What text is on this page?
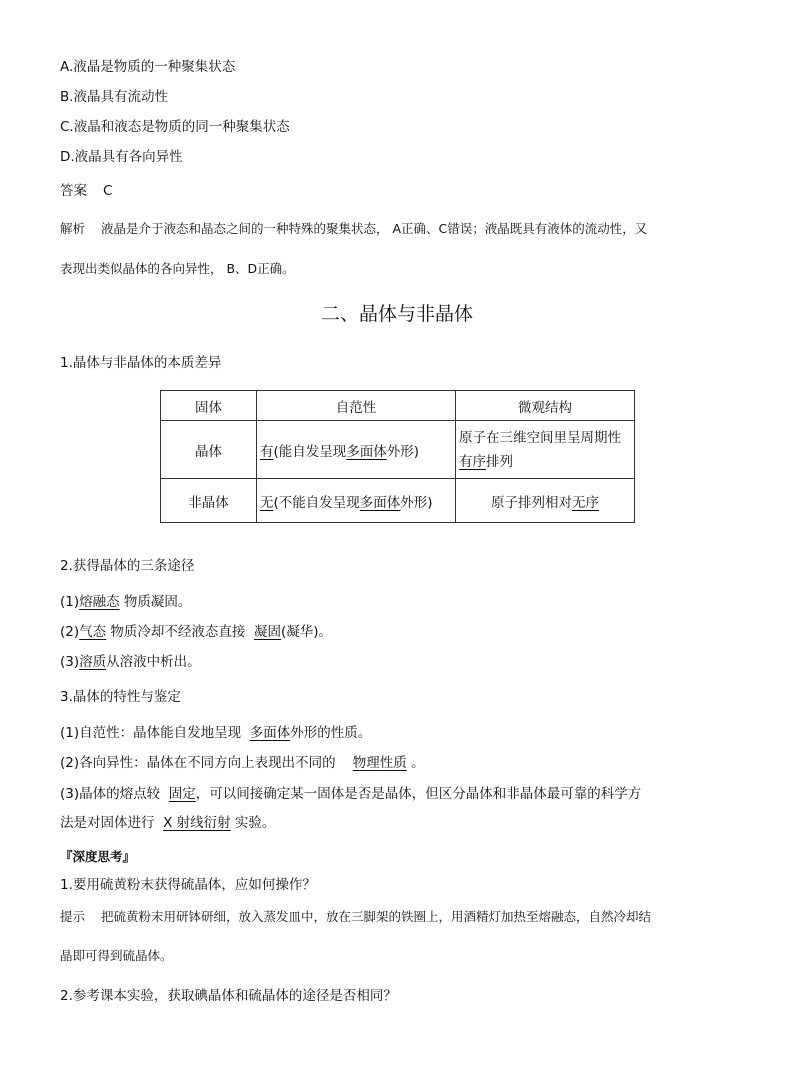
A.液晶是物质的一种聚集状态
B.液晶具有流动性
C.液晶和液态是物质的同一种聚集状态
D.液晶具有各向异性
答案 C
解析 液晶是介于液态和晶态之间的一种特殊的聚集状态， A正确、C错误；液晶既具有液体的流动性，又
表现出类似晶体的各向异性， B、D正确。
二、晶体与非晶体
1.晶体与非晶体的本质差异
固体	自范性	微观结构
晶体	有(能自发呈现多面体外形)	原子在三维空间里呈周期性
有序排列
非晶体	无(不能自发呈现多面体外形)	原子排列相对无序
2.获得晶体的三条途径
(1)熔融态 物质凝固。
(2)气态 物质冷却不经液态直接  凝固(凝华)。
(3)溶质从溶液中析出。
3.晶体的特性与鉴定
(1)自范性：晶体能自发地呈现  多面体外形的性质。
(2)各向异性：晶体在不同方向上表现出不同的    物理性质 。
(3)晶体的熔点较  固定，可以间接确定某一固体是否是晶体，但区分晶体和非晶体最可靠的科学方
法是对固体进行  X 射线衍射 实验。
『深度思考』
1.要用硫黄粉末获得硫晶体，应如何操作？
提示 把硫黄粉末用研钵研细，放入蒸发皿中，放在三脚架的铁圈上，用酒精灯加热至熔融态，自然冷却结
晶即可得到硫晶体。
2.参考课本实验，获取碘晶体和硫晶体的途径是否相同？
